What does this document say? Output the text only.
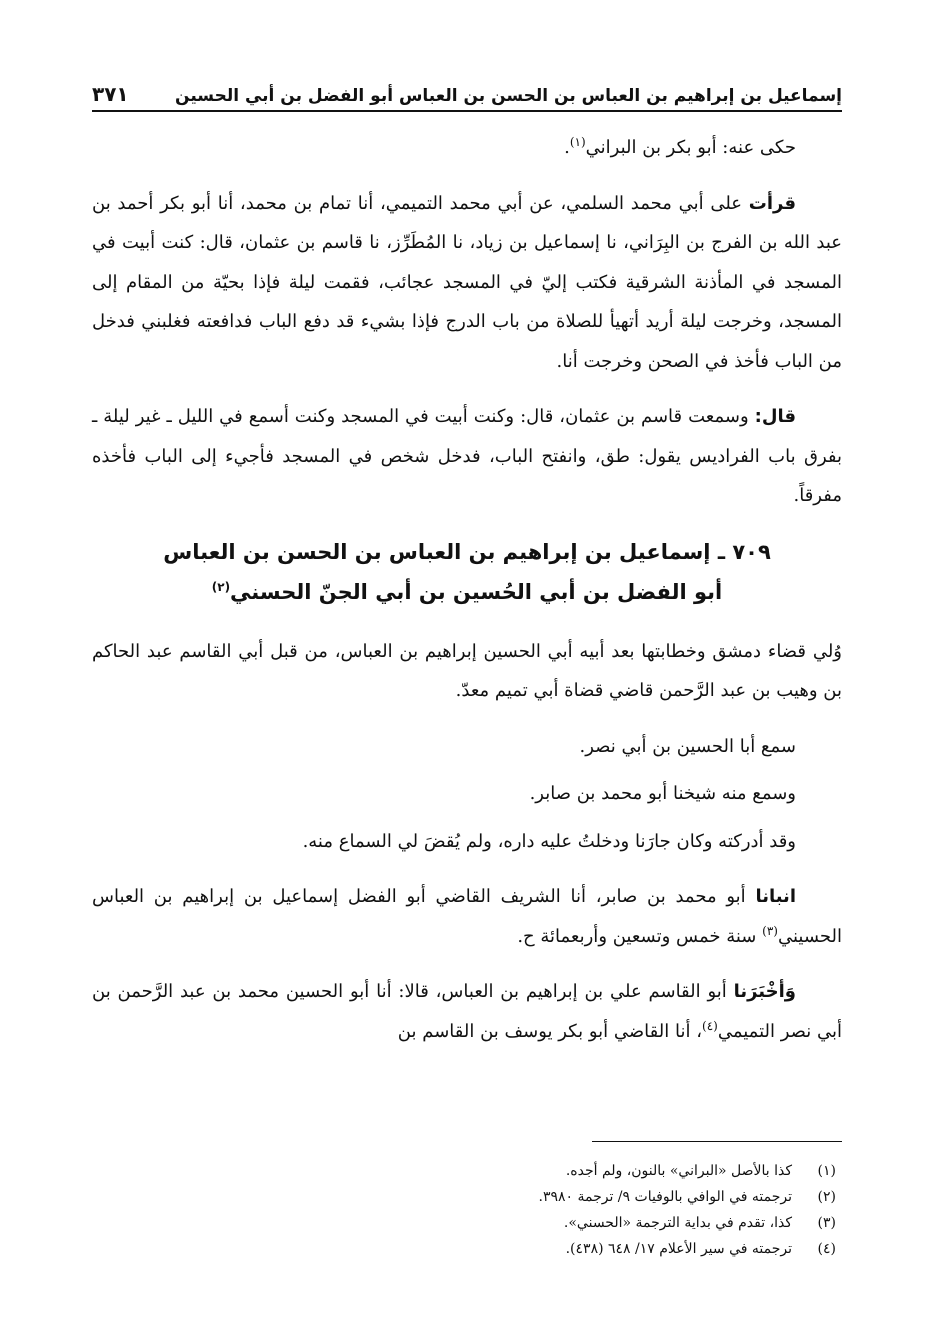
إسماعيل بن إبراهيم بن العباس بن الحسن بن العباس أبو الفضل بن أبي الحسين
٣٧١

حكى عنه: أبو بكر بن البراني$^{(١)}$.

قرأت على أبي محمد السلمي، عن أبي محمد التميمي، أنا تمام بن محمد، أنا أبو بكر أحمد بن عبد الله بن الفرج بن البِرَاني، نا إسماعيل بن زياد، نا المُطَرِّز، نا قاسم بن عثمان، قال: كنت أبيت في المسجد في المأذنة الشرقية فكتب إليّ في المسجد عجائب، فقمت ليلة فإذا بحيّة من المقام إلى المسجد، وخرجت ليلة أريد أتهيأ للصلاة من باب الدرج فإذا بشيء قد دفع الباب فدافعته فغلبني فدخل من الباب فأخذ في الصحن وخرجت أنا.

قال: وسمعت قاسم بن عثمان، قال: وكنت أبيت في المسجد وكنت أسمع في الليل ـ غير ليلة ـ بفرق باب الفراديس يقول: طق، وانفتح الباب، فدخل شخص في المسجد فأجيء إلى الباب فأخذه مفرقاً.

٧٠٩ ـ إسماعيل بن إبراهيم بن العباس بن الحسن بن العباس
أبو الفضل بن أبي الحُسين بن أبي الجنّ الحسني$^{(٢)}$

وُلي قضاء دمشق وخطابتها بعد أبيه أبي الحسين إبراهيم بن العباس، من قبل أبي القاسم عبد الحاكم بن وهيب بن عبد الرَّحمن قاضي قضاة أبي تميم معدّ.

سمع أبا الحسين بن أبي نصر.

وسمع منه شيخنا أبو محمد بن صابر.

وقد أدركته وكان جارَنا ودخلتُ عليه داره، ولم يُقضَ لي السماع منه.

انبانا أبو محمد بن صابر، أنا الشريف القاضي أبو الفضل إسماعيل بن إبراهيم بن العباس الحسيني$^{(٣)}$ سنة خمس وتسعين وأربعمائة ح.

وَأخْبَرَنا أبو القاسم علي بن إبراهيم بن العباس، قالا: أنا أبو الحسين محمد بن عبد الرَّحمن بن أبي نصر التميمي$^{(٤)}$، أنا القاضي أبو بكر يوسف بن القاسم بن

(١)
كذا بالأصل «البراني» بالنون، ولم أجده.
(٢)
ترجمته في الوافي بالوفيات ٩/ ترجمة ٣٩٨٠.
(٣)
كذا، تقدم في بداية الترجمة «الحسني».
(٤)
ترجمته في سير الأعلام ١٧/ ٦٤٨ (٤٣٨).
